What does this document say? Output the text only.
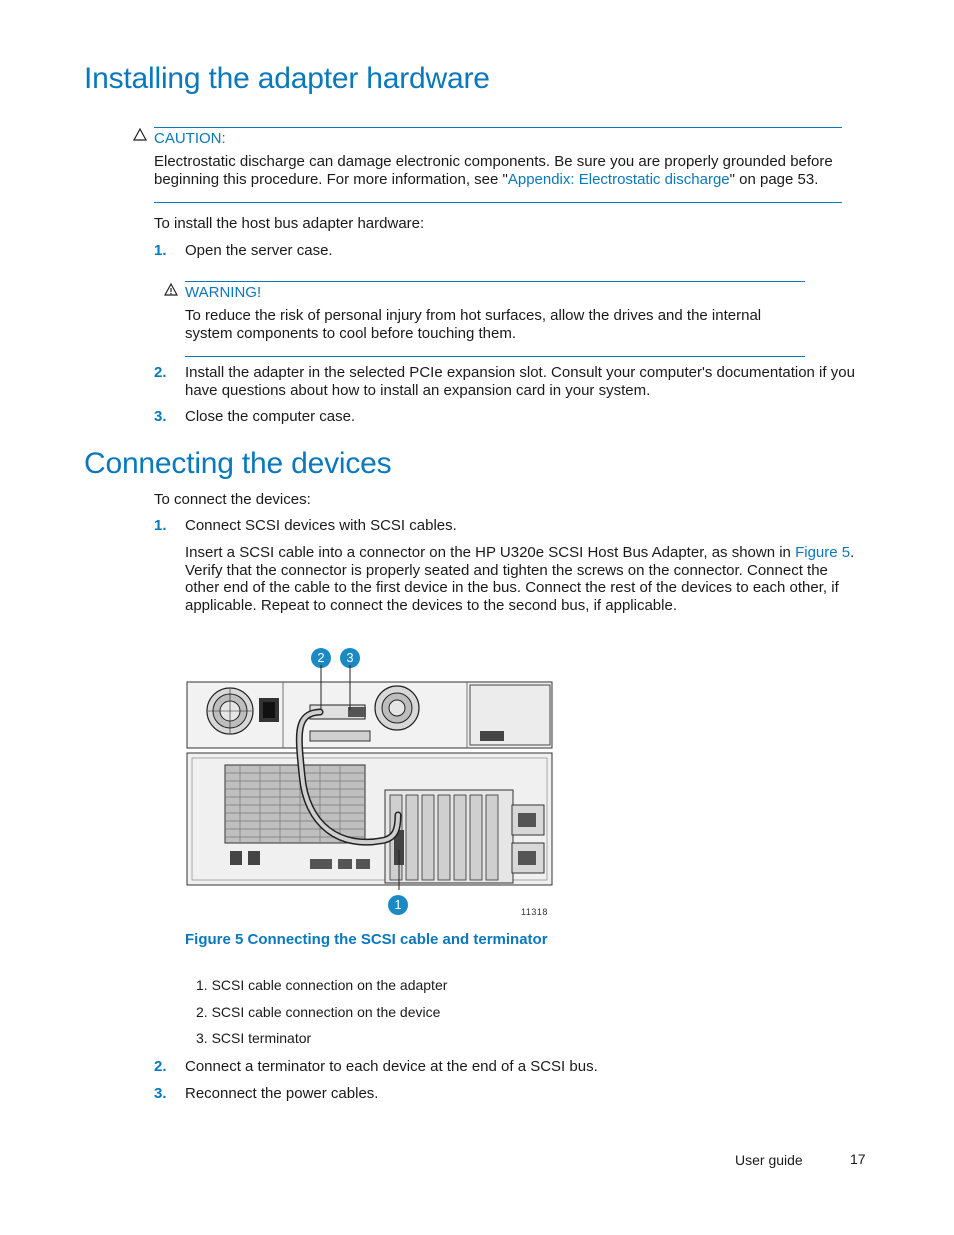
Installing the adapter hardware
CAUTION:
Electrostatic discharge can damage electronic components. Be sure you are properly grounded before
beginning this procedure. For more information, see "Appendix: Electrostatic discharge" on page 53.
To install the host bus adapter hardware:
1. Open the server case.
WARNING!
To reduce the risk of personal injury from hot surfaces, allow the drives and the internal
system components to cool before touching them.
2. Install the adapter in the selected PCIe expansion slot. Consult your computer's documentation if you
have questions about how to install an expansion card in your system.
3. Close the computer case.
Connecting the devices
To connect the devices:
1. Connect SCSI devices with SCSI cables.
Insert a SCSI cable into a connector on the HP U320e SCSI Host Bus Adapter, as shown in Figure 5.
Verify that the connector is properly seated and tighten the screws on the connector. Connect the
other end of the cable to the first device in the bus. Connect the rest of the devices to each other, if
applicable. Repeat to connect the devices to the second bus, if applicable.
2	3
1	11318
Figure 5 Connecting the SCSI cable and terminator
1. SCSI cable connection on the adapter
2. SCSI cable connection on the device
3. SCSI terminator
2. Connect a terminator to each device at the end of a SCSI bus.
3. Reconnect the power cables.
User guide	17
